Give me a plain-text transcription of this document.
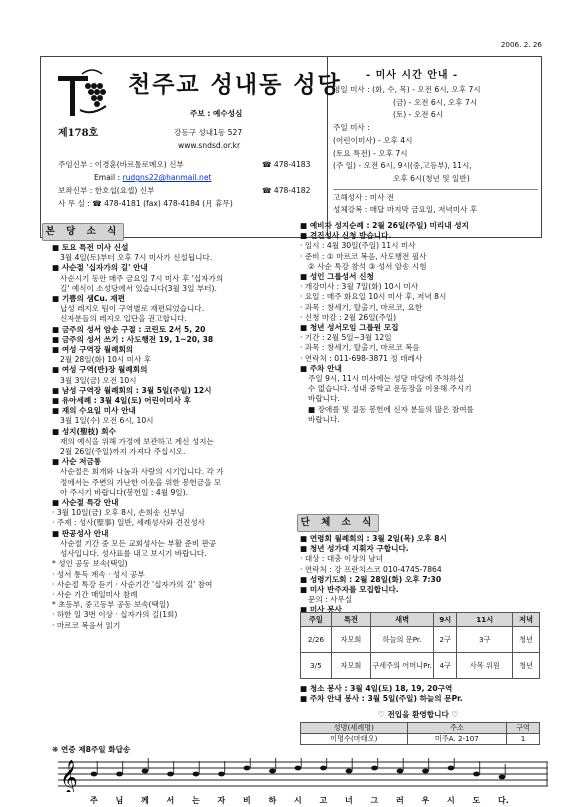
2006. 2. 26
제178호
천주교 성내동 성당
주보 : 예수성심
강동구 성내1동 527
www.sndsd.or.kr
주임신부 : 이경훈(바르톨로메오) 신부	☎ 478-4183
Email : rudgns22@hanmail.net
보좌신부 : 한호섭(요셉) 신부	☎ 478-4182
사 무 실 : ☎ 478-4181 (fax) 478-4184 (月 휴무)
- 미사 시간 안내 -
평일 미사 : (화, 수, 목) - 오전 6시, 오후 7시
(금) - 오전 6시, 오후 7시
(토) - 오전 6시
주일 미사 :
(어린이미사) - 오후 4시
(토요 특전) - 오후 7시
(주 일) - 오전 6시, 9시(중,고등부), 11시,
오후 6시(청년 및 일반)
고해성사 : 미사 전
성체강복 : 매달 마지막 금요일, 저녁미사 후
본 당 소 식
단 체 소 식
■ 토요 특전 미사 신설
3월 4일(토)부터 오후 7시 미사가 신설됩니다.
■ 사순절 '십자가의 길' 안내
사순시기 동안 매주 금요일 7시 미사 후 '십자가의
길' 예식이 소성당에서 있습니다(3월 3일 부터).
■ 기쁨의 샘Cu. 재편
납성 레지오 팀이 구역별로 재편되었습니다.
신자분들의 레지오 입단을 권고합니다.
■ 금주의 성서 암송 구절 : 코린토 2서 5, 20
■ 금주의 성서 쓰기 : 사도행전 19, 1~20, 38
■ 여성 구역장 월례회의
2월 28일(화) 10시 미사 후
■ 여성 구역(반)장 월례회의
3월 3일(금) 오전 10시
■ 남성 구역장 월례회의 : 3월 5일(주일) 12시
■ 유아세례 : 3월 4일(토) 어린이미사 후
■ 재의 수요일 미사 안내
3월 1일(수) 오전 6시, 10시
■ 성지(聖枝) 회수
재의 예식을 위해 가정에 보관하고 계신 성지는
2월 26일(주일)까지 가져다 주십시오.
■ 사순 저금통
사순절은 회개와 나눔과 사랑의 시기입니다. 각 가
정에서는 주변의 가난한 이웃을 위한 봉헌금을 모
아 주시기 바랍니다(봉헌일 : 4월 9일).
■ 사순절 특강 안내
· 3월 10일(금) 오후 8시, 손희송 신부님
· 주제 : 성사(聖事) 일반, 세례성사와 견진성사
■ 판공성사 안내
사순절 기간 중 모든 교회성사는 부활 준비 판공
성사입니다. 성사표를 내고 보시기 바랍니다.
* 성인 공동 보속(택일)
· 성서 통독 계속 · 성시 공부
· 사순절 특강 듣기 · 사순기간 '십자가의 길' 참여
· 사순 기간 매일미사 참례
* 초등부, 중고등부 공동 보속(택일)
· 하한 일 3번 이상 · 십자가의 길(1회)
· 마르코 복음서 읽기
■ 예비자 성지순례 : 2월 26일(주일) 미리내 성지
■ 견진성사 신청 받습니다.
· 일시 : 4월 30일(주일) 11시 미사
· 준비 : ① 마르코 복음, 사도행전 필사
② 사순 특강 참석 ③ 성서 암송 시험
■ 성인 그룹성서 신청
· 개강미사 : 3월 7일(화) 10시 미사
· 요일 : 매주 화요일 10시 미사 후, 저녁 8시
· 과목 : 창세기, 탈출기, 마르코, 요한
· 신청 마감 : 2월 26일(주일)
■ 청년 성서모임 그룹원 모집
· 기간 : 2월 5일~3월 12일
· 과목 : 창세기, 탈출기, 마르코 복음
· 연락처 : 011-698-3871 정 데레사
■ 주차 안내
주일 9시, 11시 미사에는 성당 마당에 주차하실
수 없습니다. 성내 중학교 운동장을 이용해 주시기
바랍니다.
■ 장애를 및 질동 봉헌에 신자 분들의 많은 참여를
바랍니다.
■ 연령회 월례회의 : 3월 2일(목) 오후 8시
■ 청년 성가대 지휘자 구합니다.
· 대상 : 대충 이상의 남녀
· 연락처 : 강 프란치스코 010-4745-7864
■ 성령기도회 : 2월 28일(화) 오후 7:30
■ 미사 반주자를 모집합니다.
문의 : 사무실
■ 미사 봉사
주일	특전	새벽	9시	11시	저녁
2/26	자모회	하늘의 문Pr.	2구	3구	청년
3/5	자모회	구세주의 어머니Pr.	4구	사목 위원	청년
■ 청소 봉사 : 3월 4일(토) 18, 19, 20구역
■ 주차 안내 봉사 : 3월 5일(주일) 하늘의 문Pr.
♡ 전입을 환영합니다 ♡
성명(세례명)	주소	구역
이명수(마태오)	미주A. 2-107	1
❋ 연중 제8주일 화답송
𝄞
주 님 께 서 는 자 비 하 시 고 너 그 러 우 시 도 다.
